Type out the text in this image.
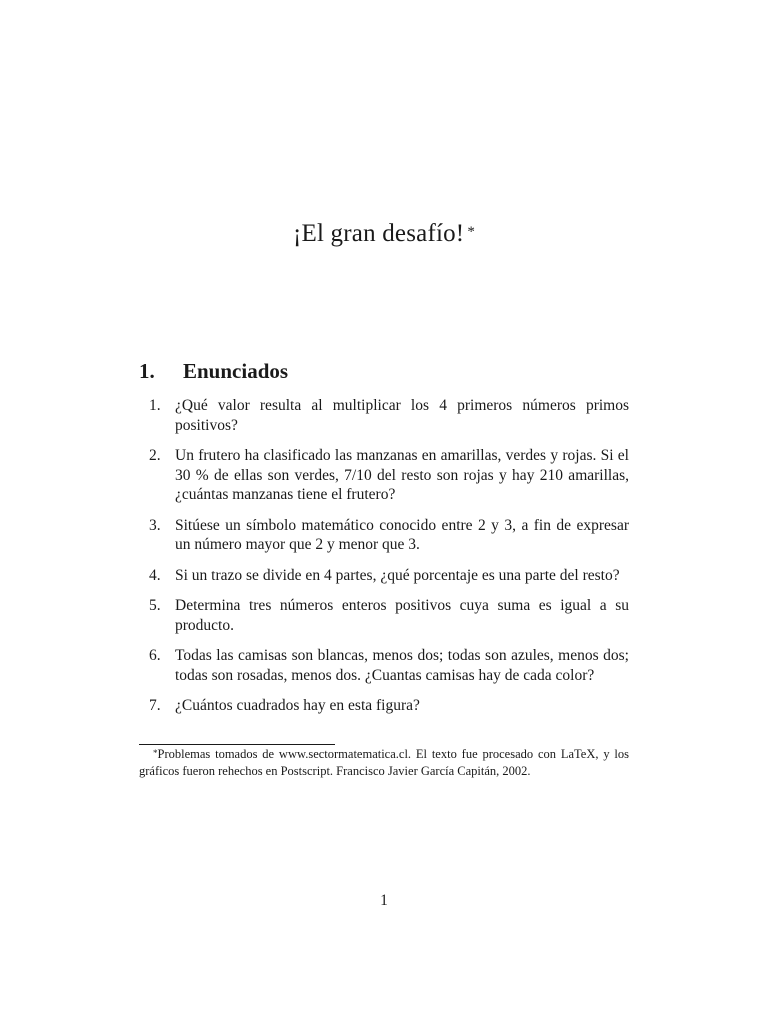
¡El gran desafío! *
1. Enunciados
1. ¿Qué valor resulta al multiplicar los 4 primeros números primos positivos?
2. Un frutero ha clasificado las manzanas en amarillas, verdes y rojas. Si el 30 % de ellas son verdes, 7/10 del resto son rojas y hay 210 amarillas, ¿cuántas manzanas tiene el frutero?
3. Sitúese un símbolo matemático conocido entre 2 y 3, a fin de expresar un número mayor que 2 y menor que 3.
4. Si un trazo se divide en 4 partes, ¿qué porcentaje es una parte del resto?
5. Determina tres números enteros positivos cuya suma es igual a su producto.
6. Todas las camisas son blancas, menos dos; todas son azules, menos dos; todas son rosadas, menos dos. ¿Cuantas camisas hay de cada color?
7. ¿Cuántos cuadrados hay en esta figura?
*Problemas tomados de www.sectormatematica.cl. El texto fue procesado con LaTeX, y los gráficos fueron rehechos en Postscript. Francisco Javier García Capitán, 2002.
1
